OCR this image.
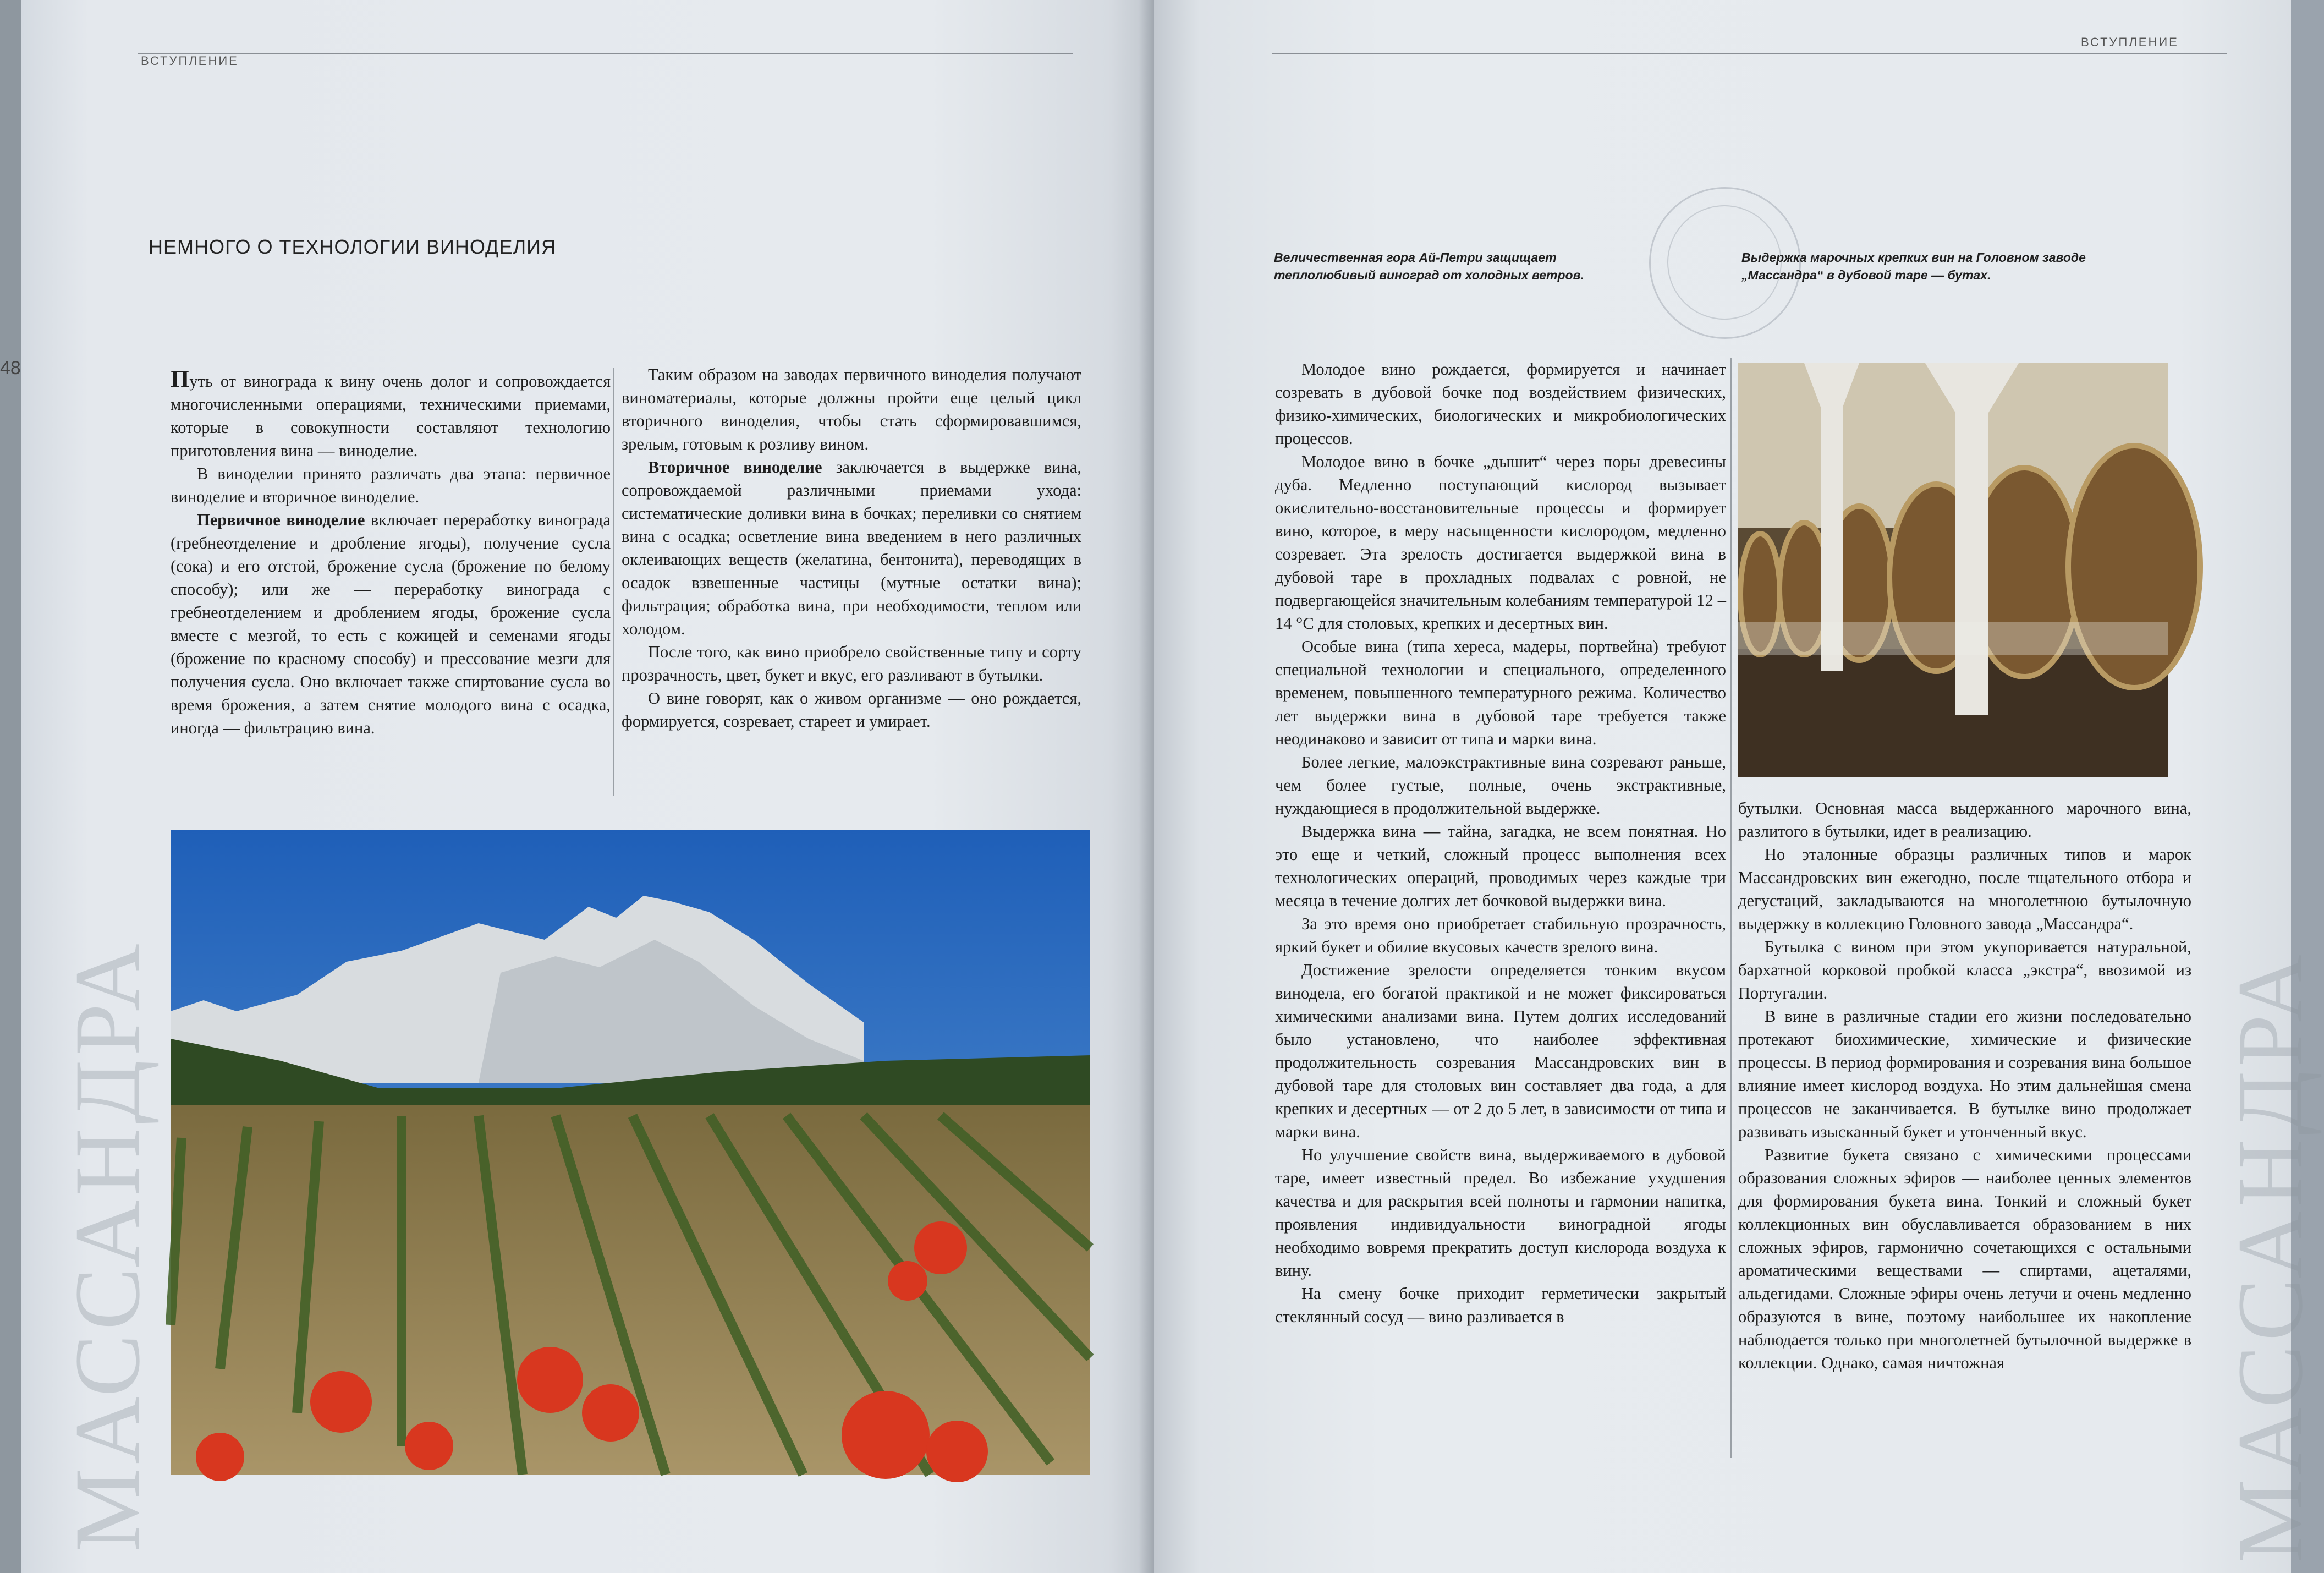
ВСТУПЛЕНИЕ
48
НЕМНОГО О ТЕХНОЛОГИИ ВИНОДЕЛИЯ

Путь от винограда к вину очень долог и сопровождается многочисленными операциями, техническими приемами, которые в совокупности составляют технологию приготовления вина — виноделие.

В виноделии принято различать два этапа: первичное виноделие и вторичное виноделие.

Первичное виноделие включает переработку винограда (гребнеотделение и дробление ягоды), получение сусла (сока) и его отстой, брожение сусла (брожение по белому способу); или же — переработку винограда с гребнеотделением и дроблением ягоды, брожение сусла вместе с мезгой, то есть с кожицей и семенами ягоды (брожение по красному способу) и прессование мезги для получения сусла. Оно включает также спиртование сусла во время брожения, а затем снятие молодого вина с осадка, иногда — фильтрацию вина.

Таким образом на заводах первичного виноделия получают виноматериалы, которые должны пройти еще целый цикл вторичного виноделия, чтобы стать сформировавшимся, зрелым, готовым к розливу вином.

Вторичное виноделие заключается в выдержке вина, сопровождаемой различными приемами ухода: систематические доливки вина в бочках; переливки со снятием вина с осадка; осветление вина введением в него различных оклеивающих веществ (желатина, бентонита), переводящих в осадок взвешенные частицы (мутные остатки вина); фильтрация; обработка вина, при необходимости, теплом или холодом.

После того, как вино приобрело свойственные типу и сорту прозрачность, цвет, букет и вкус, его разливают в бутылки.

О вине говорят, как о живом организме — оно рождается, формируется, созревает, стареет и умирает.

МАССАНДРА
ВСТУПЛЕНИЕ
Величественная гора Ай-Петри защищает теплолюбивый виноград от холодных ветров.
Выдержка марочных крепких вин на Головном заводе „Массандра“ в дубовой таре — бутах.

Молодое вино рождается, формируется и начинает созревать в дубовой бочке под воздействием физических, физико-химических, биологических и микробиологических процессов.

Молодое вино в бочке „дышит“ через поры древесины дуба. Медленно поступающий кислород вызывает окислительно-восстановительные процессы и формирует вино, которое, в меру насыщенности кислородом, медленно созревает. Эта зрелость достигается выдержкой вина в дубовой таре в прохладных подвалах с ровной, не подвергающейся значительным колебаниям температурой 12 – 14 °С для столовых, крепких и десертных вин.

Особые вина (типа хереса, мадеры, портвейна) требуют специальной технологии и специального, определенного временем, повышенного температурного режима. Количество лет выдержки вина в дубовой таре требуется также неодинаково и зависит от типа и марки вина.

Более легкие, малоэкстрактивные вина созревают раньше, чем более густые, полные, очень экстрактивные, нуждающиеся в продолжительной выдержке.

Выдержка вина — тайна, загадка, не всем понятная. Но это еще и четкий, сложный процесс выполнения всех технологических операций, проводимых через каждые три месяца в течение долгих лет бочковой выдержки вина.

За это время оно приобретает стабильную прозрачность, яркий букет и обилие вкусовых качеств зрелого вина.

Достижение зрелости определяется тонким вкусом винодела, его богатой практикой и не может фиксироваться химическими анализами вина. Путем долгих исследований было установлено, что наиболее эффективная продолжительность созревания Массандровских вин в дубовой таре для столовых вин составляет два года, а для крепких и десертных — от 2 до 5 лет, в зависимости от типа и марки вина.

Но улучшение свойств вина, выдерживаемого в дубовой таре, имеет известный предел. Во избежание ухудшения качества и для раскрытия всей полноты и гармонии напитка, проявления индивидуальности виноградной ягоды необходимо вовремя прекратить доступ кислорода воздуха к вину.

На смену бочке приходит герметически закрытый стеклянный сосуд — вино разливается в

бутылки. Основная масса выдержанного марочного вина, разлитого в бутылки, идет в реализацию.

Но эталонные образцы различных типов и марок Массандровских вин ежегодно, после тщательного отбора и дегустаций, закладываются на многолетнюю бутылочную выдержку в коллекцию Головного завода „Массандра“.

Бутылка с вином при этом укупоривается натуральной, бархатной корковой пробкой класса „экстра“, ввозимой из Португалии.

В вине в различные стадии его жизни последовательно протекают биохимические, химические и физические процессы. В период формирования и созревания вина большое влияние имеет кислород воздуха. Но этим дальнейшая смена процессов не заканчивается. В бутылке вино продолжает развивать изысканный букет и утонченный вкус.

Развитие букета связано с химическими процессами образования сложных эфиров — наиболее ценных элементов для формирования букета вина. Тонкий и сложный букет коллекционных вин обуславливается образованием в них сложных эфиров, гармонично сочетающихся с остальными ароматическими веществами — спиртами, ацеталями, альдегидами. Сложные эфиры очень летучи и очень медленно образуются в вине, поэтому наибольшее их накопление наблюдается только при многолетней бутылочной выдержке в коллекции. Однако, самая ничтожная	МАССАНДРА
